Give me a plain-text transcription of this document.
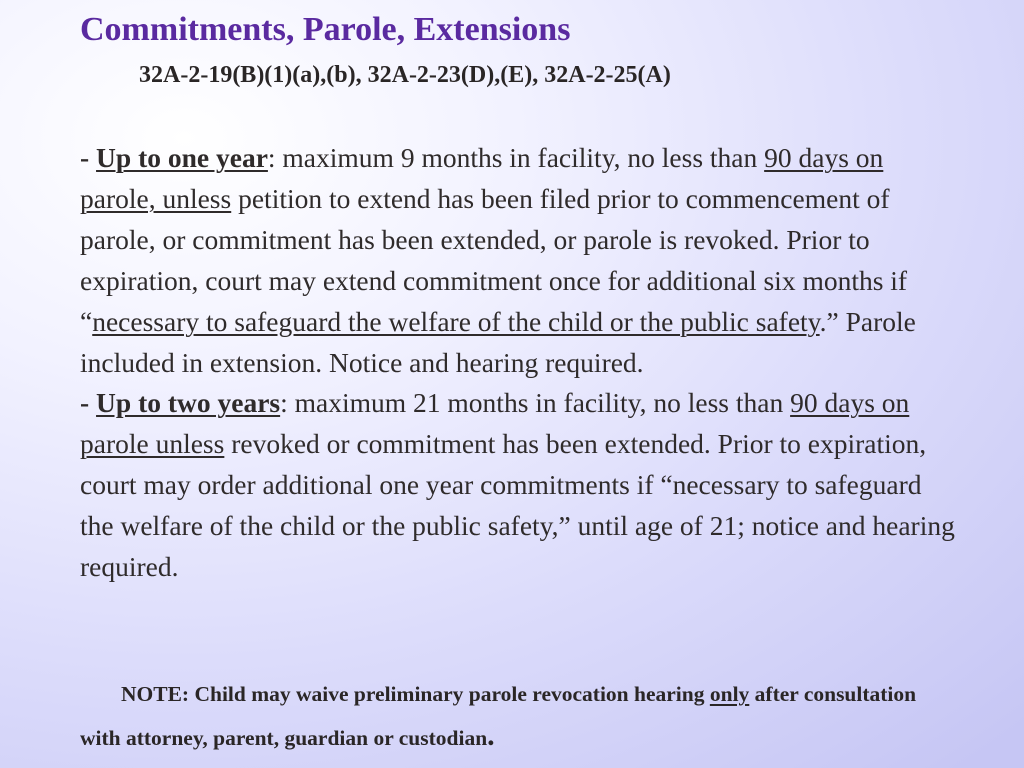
Commitments, Parole, Extensions
32A-2-19(B)(1)(a),(b), 32A-2-23(D),(E), 32A-2-25(A)

- Up to one year: maximum 9 months in facility, no less than 90 days on parole, unless petition to extend has been filed prior to commencement of parole, or commitment has been extended, or parole is revoked. Prior to expiration, court may extend commitment once for additional six months if “necessary to safeguard the welfare of the child or the public safety.” Parole included in extension. Notice and hearing required.

- Up to two years: maximum 21 months in facility, no less than 90 days on parole unless revoked or commitment has been extended. Prior to expiration, court may order additional one year commitments if “necessary to safeguard the welfare of the child or the public safety,” until age of 21; notice and hearing required.

NOTE: Child may waive preliminary parole revocation hearing only after consultation with attorney, parent, guardian or custodian.
